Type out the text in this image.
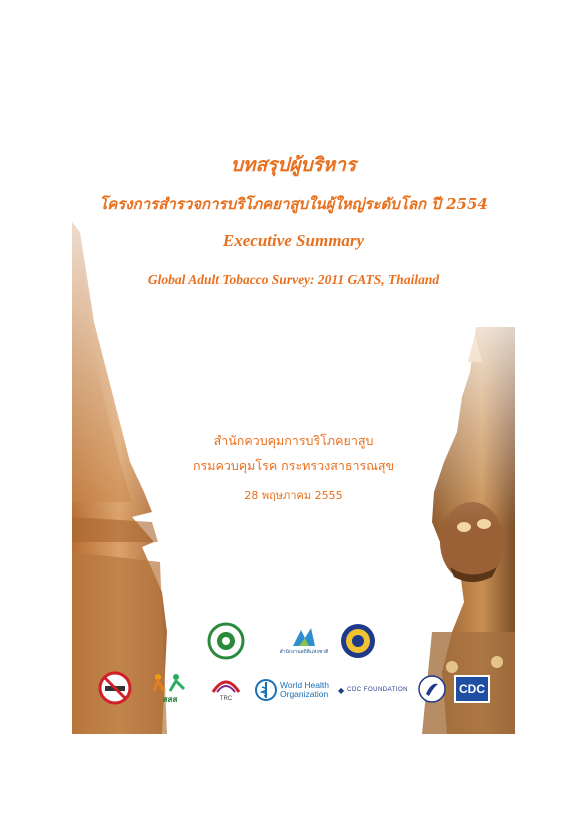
บทสรุปผู้บริหาร
โครงการสำรวจการบริโภคยาสูบในผู้ใหญ่ระดับโลก ปี 2554
Executive Summary
Global Adult Tobacco Survey: 2011 GATS, Thailand
สำนักควบคุมการบริโภคยาสูบ
กรมควบคุมโรค กระทรวงสาธารณสุข
28 พฤษภาคม 2555
สำนักงานสถิติแห่งชาติ
สสส	TRC
World Health
Organization ◆ CDC FOUNDATION	CDC
